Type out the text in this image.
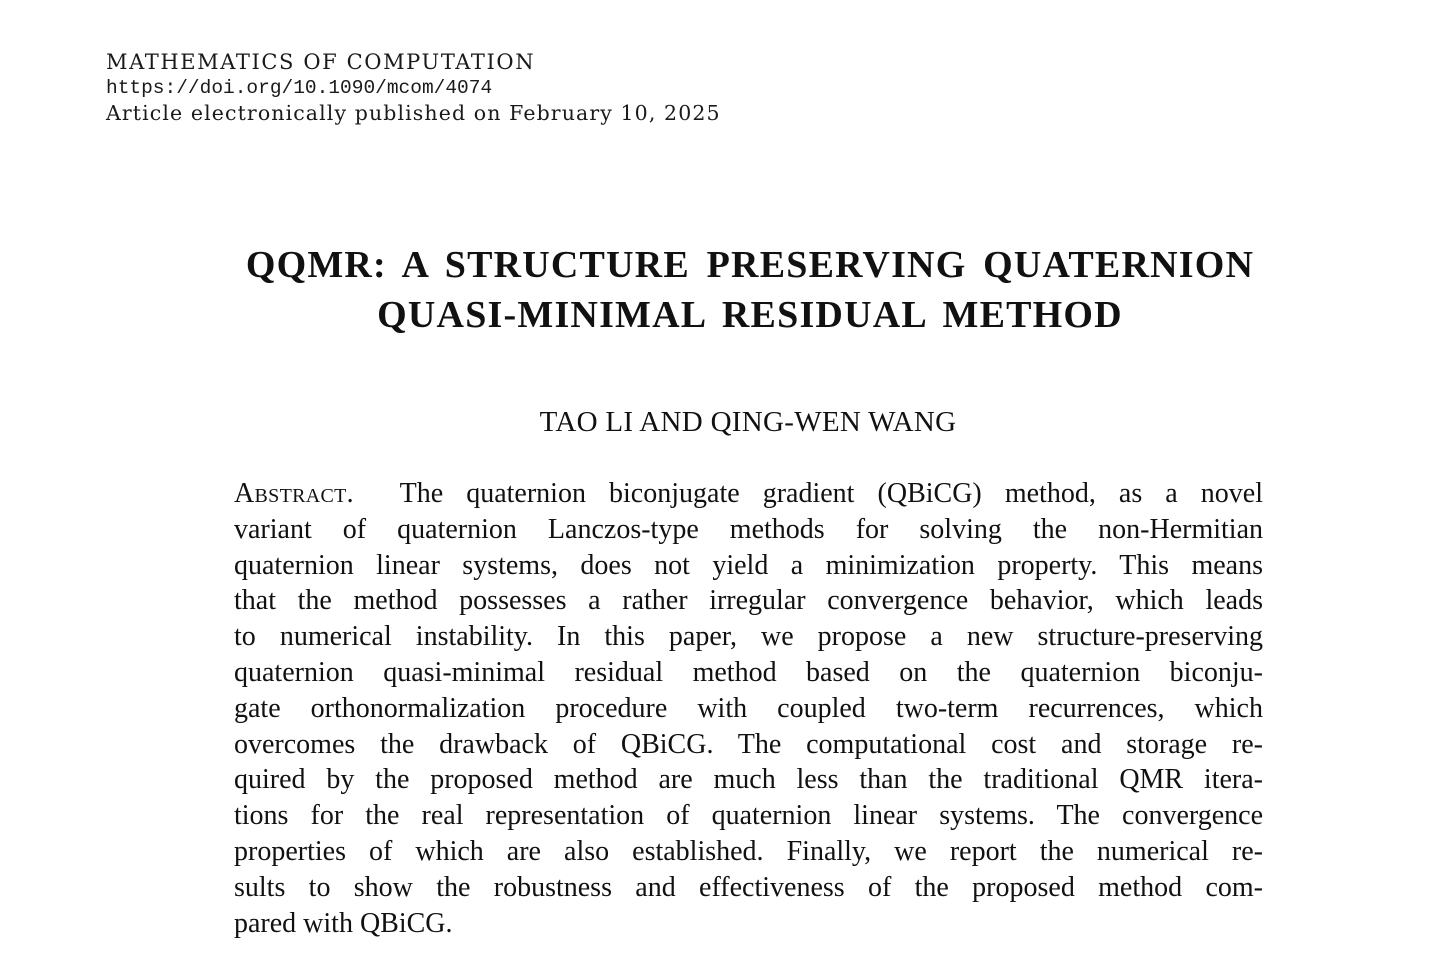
MATHEMATICS OF COMPUTATION
https://doi.org/10.1090/mcom/4074
Article electronically published on February 10, 2025
QQMR: A STRUCTURE PRESERVING QUATERNION
QUASI-MINIMAL RESIDUAL METHOD
TAO LI AND QING-WEN WANG
Abstract. The quaternion biconjugate gradient (QBiCG) method, as a novel
variant of quaternion Lanczos-type methods for solving the non-Hermitian
quaternion linear systems, does not yield a minimization property. This means
that the method possesses a rather irregular convergence behavior, which leads
to numerical instability. In this paper, we propose a new structure-preserving
quaternion quasi-minimal residual method based on the quaternion biconju-
gate orthonormalization procedure with coupled two-term recurrences, which
overcomes the drawback of QBiCG. The computational cost and storage re-
quired by the proposed method are much less than the traditional QMR itera-
tions for the real representation of quaternion linear systems. The convergence
properties of which are also established. Finally, we report the numerical re-
sults to show the robustness and effectiveness of the proposed method com-
pared with QBiCG.
